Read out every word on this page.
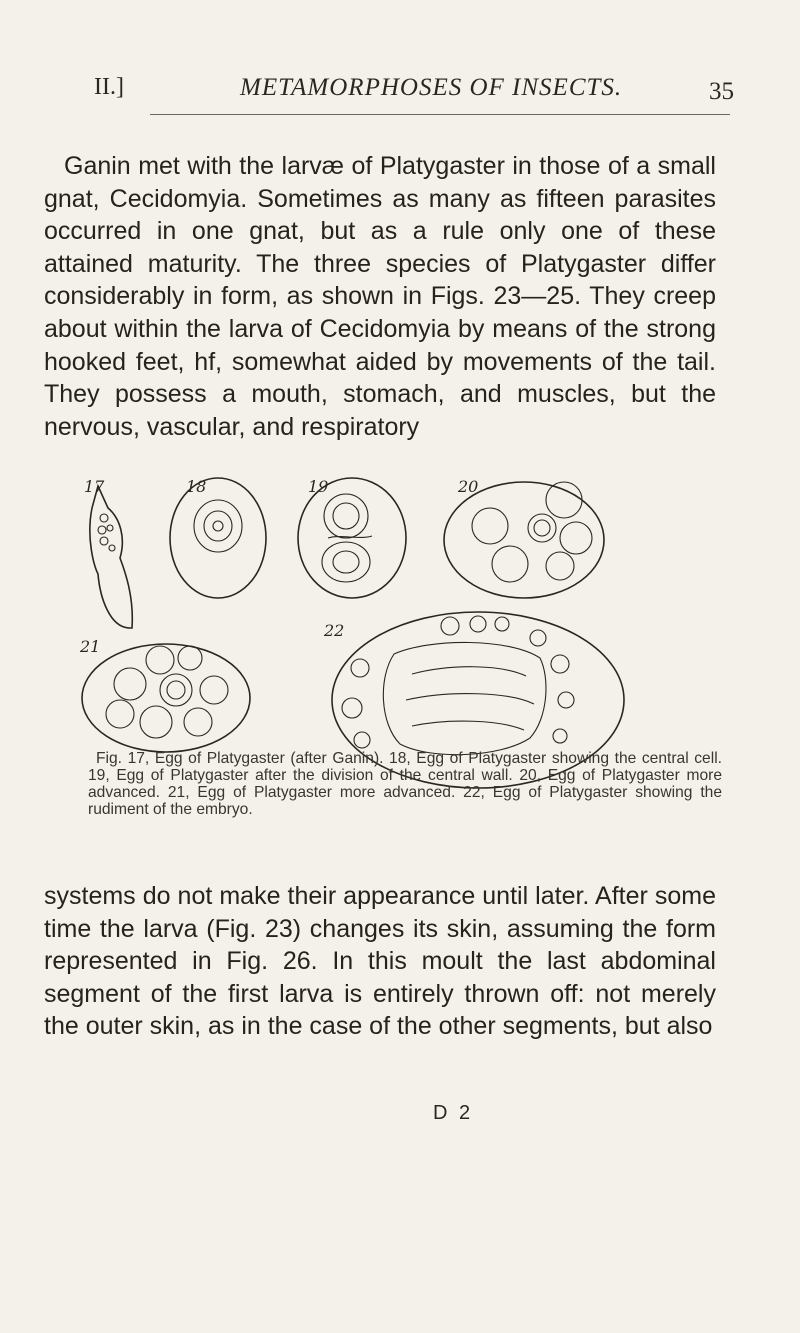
II.]	METAMORPHOSES OF INSECTS.	35

Ganin met with the larvæ of Platygaster in those of a small gnat, Cecidomyia. Sometimes as many as fifteen parasites occurred in one gnat, but as a rule only one of these attained maturity. The three species of Platygaster differ considerably in form, as shown in Figs. 23—25. They creep about within the larva of Cecidomyia by means of the strong hooked feet, hf, somewhat aided by movements of the tail. They possess a mouth, stomach, and muscles, but the nervous, vascular, and respiratory

17	18	19	20
21
22
Fig. 17, Egg of Platygaster (after Ganin). 18, Egg of Platygaster showing the central cell. 19, Egg of Platygaster after the division of the central wall. 20, Egg of Platygaster more advanced. 21, Egg of Platygaster more advanced. 22, Egg of Platygaster showing the rudiment of the embryo.
systems do not make their appearance until later. After some time the larva (Fig. 23) changes its skin, assuming the form represented in Fig. 26. In this moult the last abdominal segment of the first larva is entirely thrown off: not merely the outer skin, as in the case of the other segments, but also
D 2
